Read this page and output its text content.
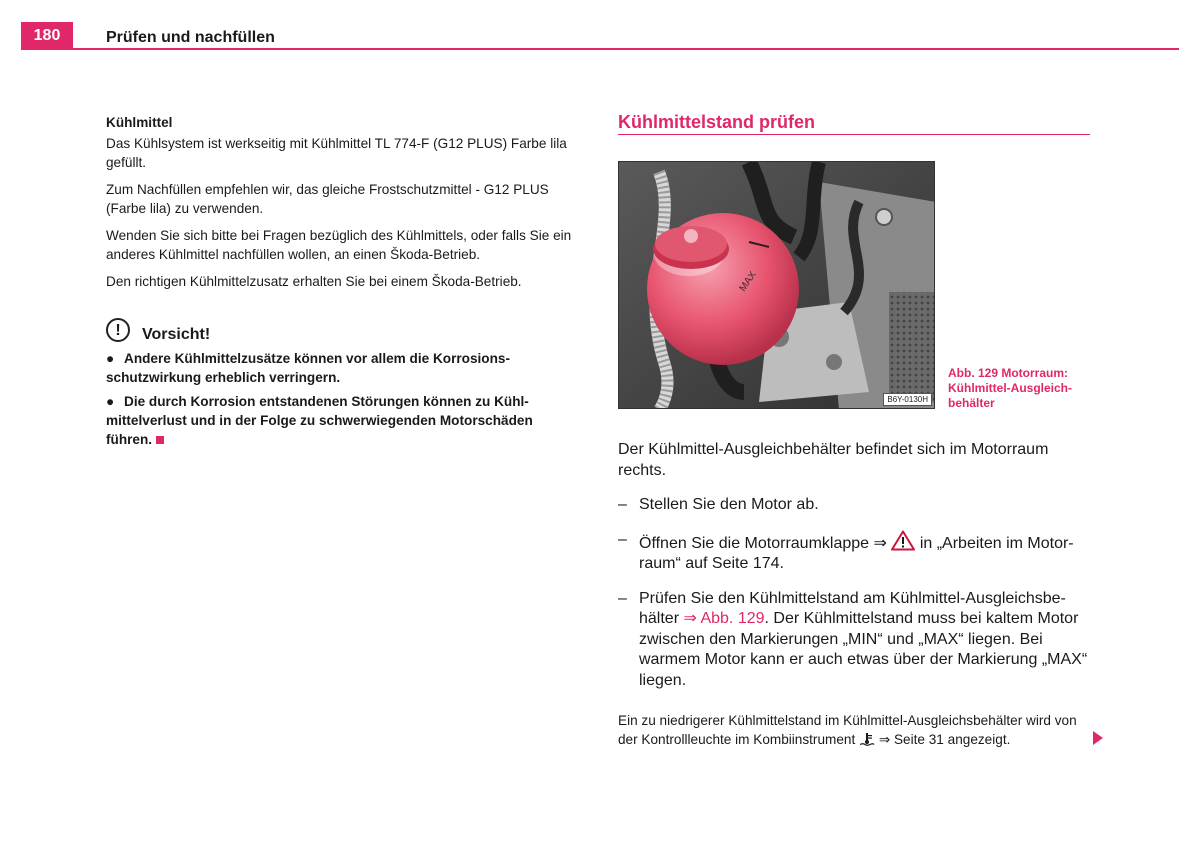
180	Prüfen und nachfüllen
Kühlmittel

Das Kühlsystem ist werkseitig mit Kühlmittel TL 774-F (G12 PLUS) Farbe lila gefüllt.

Zum Nachfüllen empfehlen wir, das gleiche Frostschutzmittel - G12 PLUS (Farbe lila) zu verwenden.

Wenden Sie sich bitte bei Fragen bezüglich des Kühlmittels, oder falls Sie ein anderes Kühlmittel nachfüllen wollen, an einen Škoda-Betrieb.

Den richtigen Kühlmittelzusatz erhalten Sie bei einem Škoda-Betrieb.

!	Vorsicht!
● Andere Kühlmittelzusätze können vor allem die Korrosions-schutzwirkung erheblich verringern.
● Die durch Korrosion entstandenen Störungen können zu Kühl-mittelverlust und in der Folge zu schwerwiegenden Motorschäden führen.
Kühlmittelstand prüfen
MAX
B6Y-0130H
Abb. 129 Motorraum: Kühlmittel-Ausgleich-behälter

Der Kühlmittel-Ausgleichbehälter befindet sich im Motorraum rechts.

– Stellen Sie den Motor ab.
– Öffnen Sie die Motorraumklappe ⇒ in „Arbeiten im Motor-raum“ auf Seite 174.
– Prüfen Sie den Kühlmittelstand am Kühlmittel-Ausgleichsbe-hälter ⇒ Abb. 129. Der Kühlmittelstand muss bei kaltem Motor zwischen den Markierungen „MIN“ und „MAX“ liegen. Bei warmem Motor kann er auch etwas über der Markierung „MAX“ liegen.
Ein zu niedrigerer Kühlmittelstand im Kühlmittel-Ausgleichsbehälter wird von der Kontrollleuchte im Kombiinstrument ⇒ Seite 31 angezeigt.
